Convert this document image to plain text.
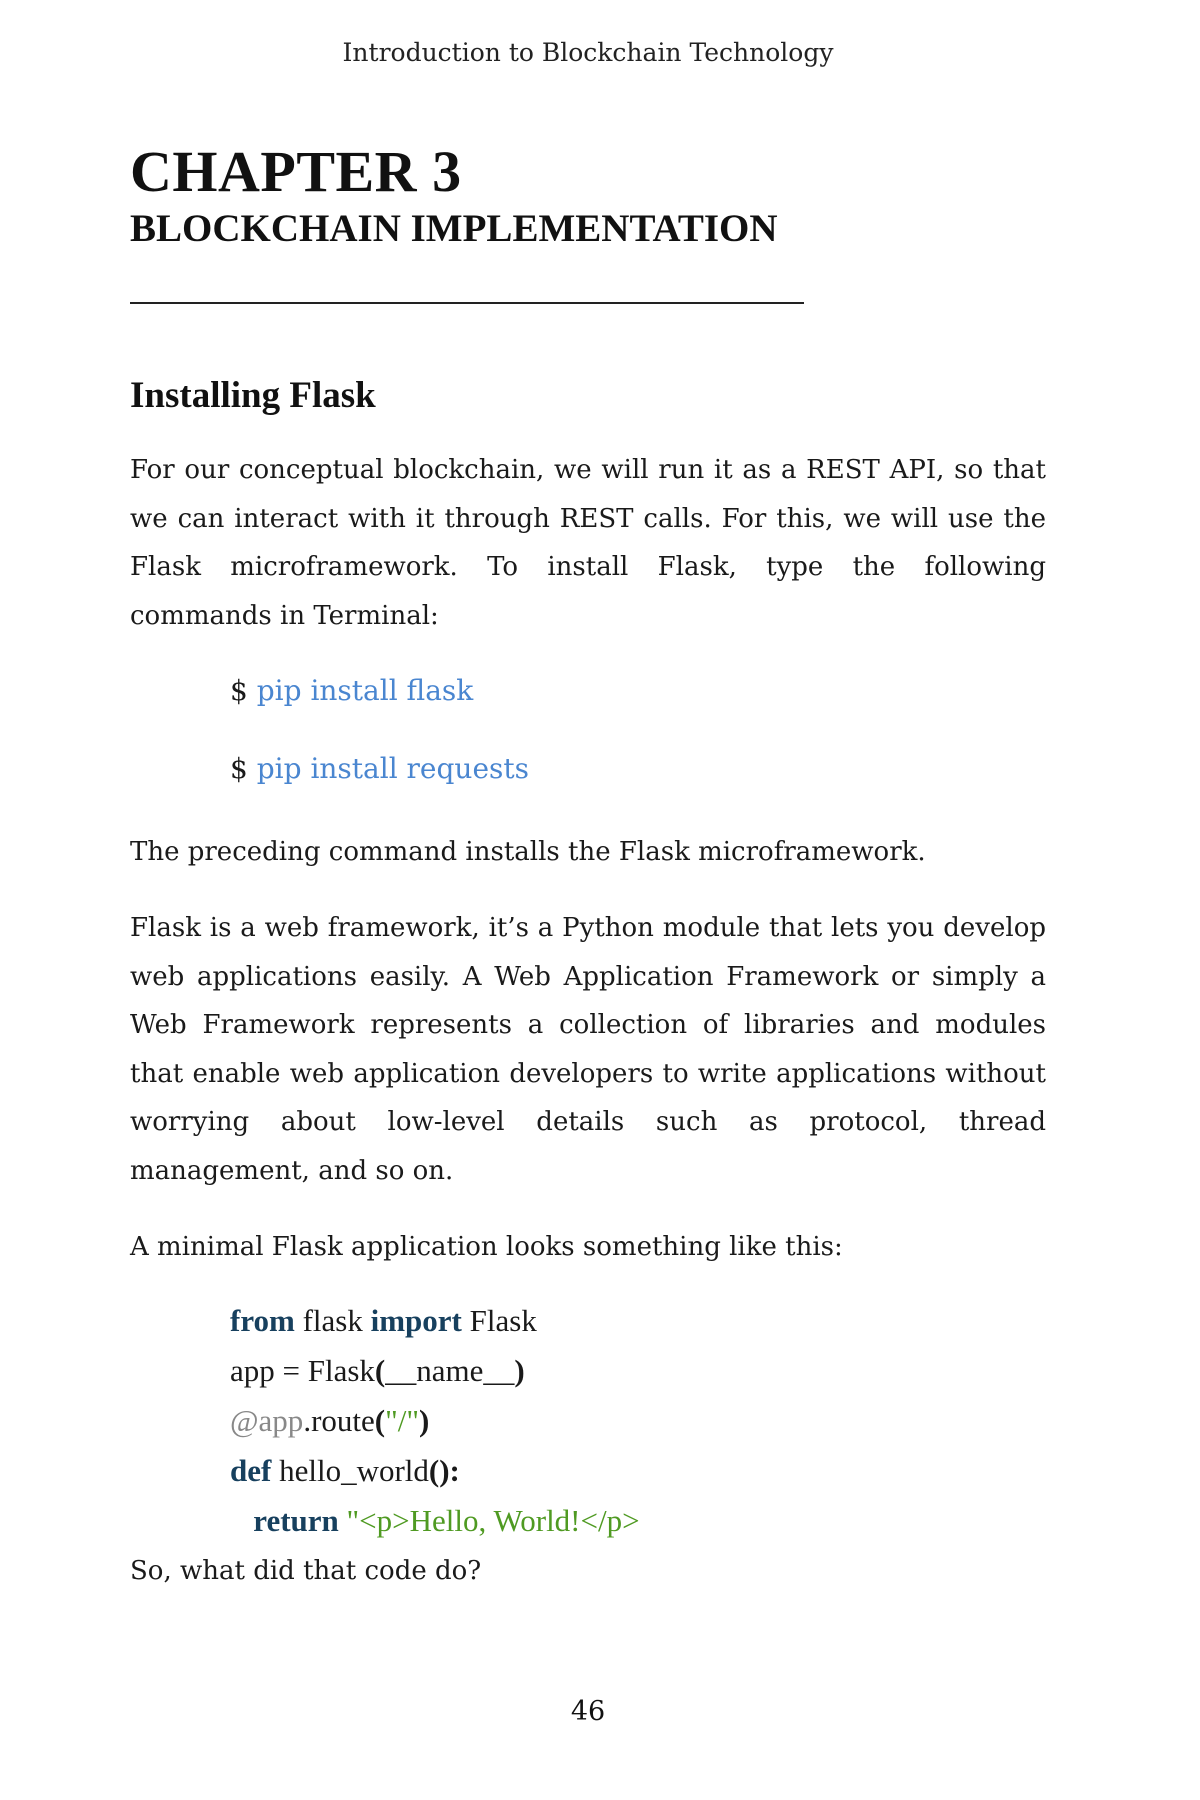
Introduction to Blockchain Technology
CHAPTER 3
BLOCKCHAIN IMPLEMENTATION
Installing Flask

For our conceptual blockchain, we will run it as a REST API, so that we can interact with it through REST calls. For this, we will use the Flask microframework. To install Flask, type the following commands in Terminal:

$ pip install flask
$ pip install requests

The preceding command installs the Flask microframework.

Flask is a web framework, it’s a Python module that lets you develop web applications easily. A Web Application Framework or simply a Web Framework represents a collection of libraries and modules that enable web application developers to write applications without worrying about low-level details such as protocol, thread management, and so on.

A minimal Flask application looks something like this:

from flask import Flask
app = Flask(__name__)
@app.route("/")
def hello_world():
return "<p>Hello, World!</p>

So, what did that code do?

46
